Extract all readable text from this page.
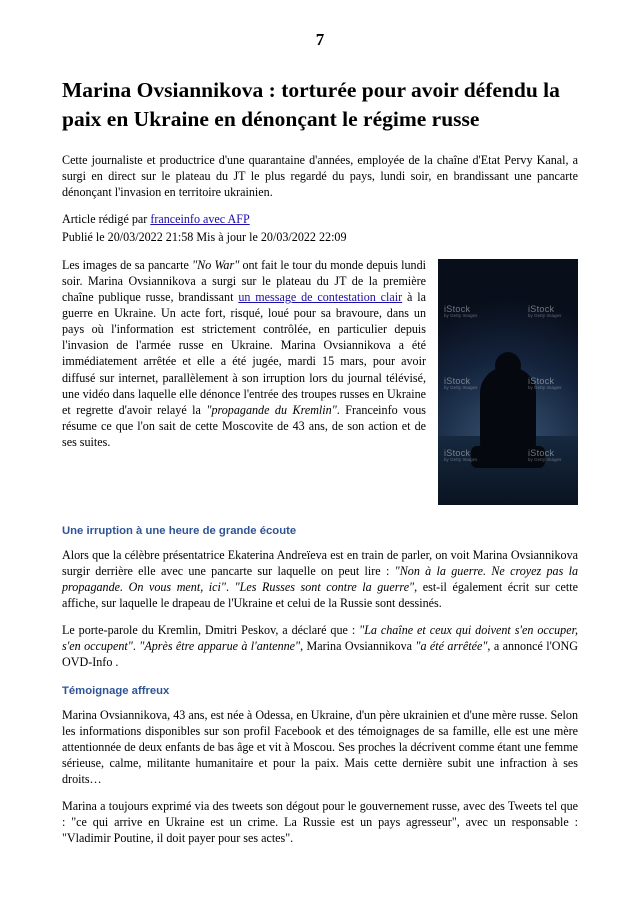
7
Marina Ovsiannikova : torturée pour avoir défendu la paix en Ukraine en dénonçant le régime russe

Cette journaliste et productrice d'une quarantaine d'années, employée de la chaîne d'Etat Pervy Kanal, a surgi en direct sur le plateau du JT le plus regardé du pays, lundi soir, en brandissant une pancarte dénonçant l'invasion en territoire ukrainien.

Article rédigé par franceinfo avec AFP
Publié le 20/03/2022 21:58 Mis à jour le 20/03/2022 22:09
iStock
by Getty Images
iStock
by Getty Images
iStock
by Getty Images
iStock
by Getty Images
iStock
by Getty Images
iStock
by Getty Images

Les images de sa pancarte "No War" ont fait le tour du monde depuis lundi soir. Marina Ovsiannikova a surgi sur le plateau du JT de la première chaîne publique russe, brandissant un message de contestation clair à la guerre en Ukraine. Un acte fort, risqué, loué pour sa bravoure, dans un pays où l'information est strictement contrôlée, en particulier depuis l'invasion de l'armée russe en Ukraine. Marina Ovsiannikova a été immédiatement arrêtée et elle a été jugée, mardi 15 mars, pour avoir diffusé sur internet, parallèlement à son irruption lors du journal télévisé, une vidéo dans laquelle elle dénonce l'entrée des troupes russes en Ukraine et regrette d'avoir relayé la "propagande du Kremlin". Franceinfo vous résume ce que l'on sait de cette Moscovite de 43 ans, de son action et de ses suites.

Une irruption à une heure de grande écoute

Alors que la célèbre présentatrice Ekaterina Andreïeva est en train de parler, on voit Marina Ovsiannikova surgir derrière elle avec une pancarte sur laquelle on peut lire : "Non à la guerre. Ne croyez pas la propagande. On vous ment, ici". "Les Russes sont contre la guerre", est-il également écrit sur cette affiche, sur laquelle le drapeau de l'Ukraine et celui de la Russie sont dessinés.

Le porte-parole du Kremlin, Dmitri Peskov, a déclaré que : "La chaîne et ceux qui doivent s'en occuper, s'en occupent". "Après être apparue à l'antenne", Marina Ovsiannikova "a été arrêtée", a annoncé l'ONG OVD-Info .

Témoignage affreux

Marina Ovsiannikova, 43 ans, est née à Odessa, en Ukraine, d'un père ukrainien et d'une mère russe. Selon les informations disponibles sur son profil Facebook et des témoignages de sa famille, elle est une mère attentionnée de deux enfants de bas âge et vit à Moscou. Ses proches la décrivent comme étant une femme sérieuse, calme, militante humanitaire et pour la paix. Mais cette dernière subit une infraction à ses droits…

Marina a toujours exprimé via des tweets son dégout pour le gouvernement russe, avec des Tweets tel que : "ce qui arrive en Ukraine est un crime. La Russie est un pays agresseur", avec un responsable : "Vladimir Poutine, il doit payer pour ses actes".
